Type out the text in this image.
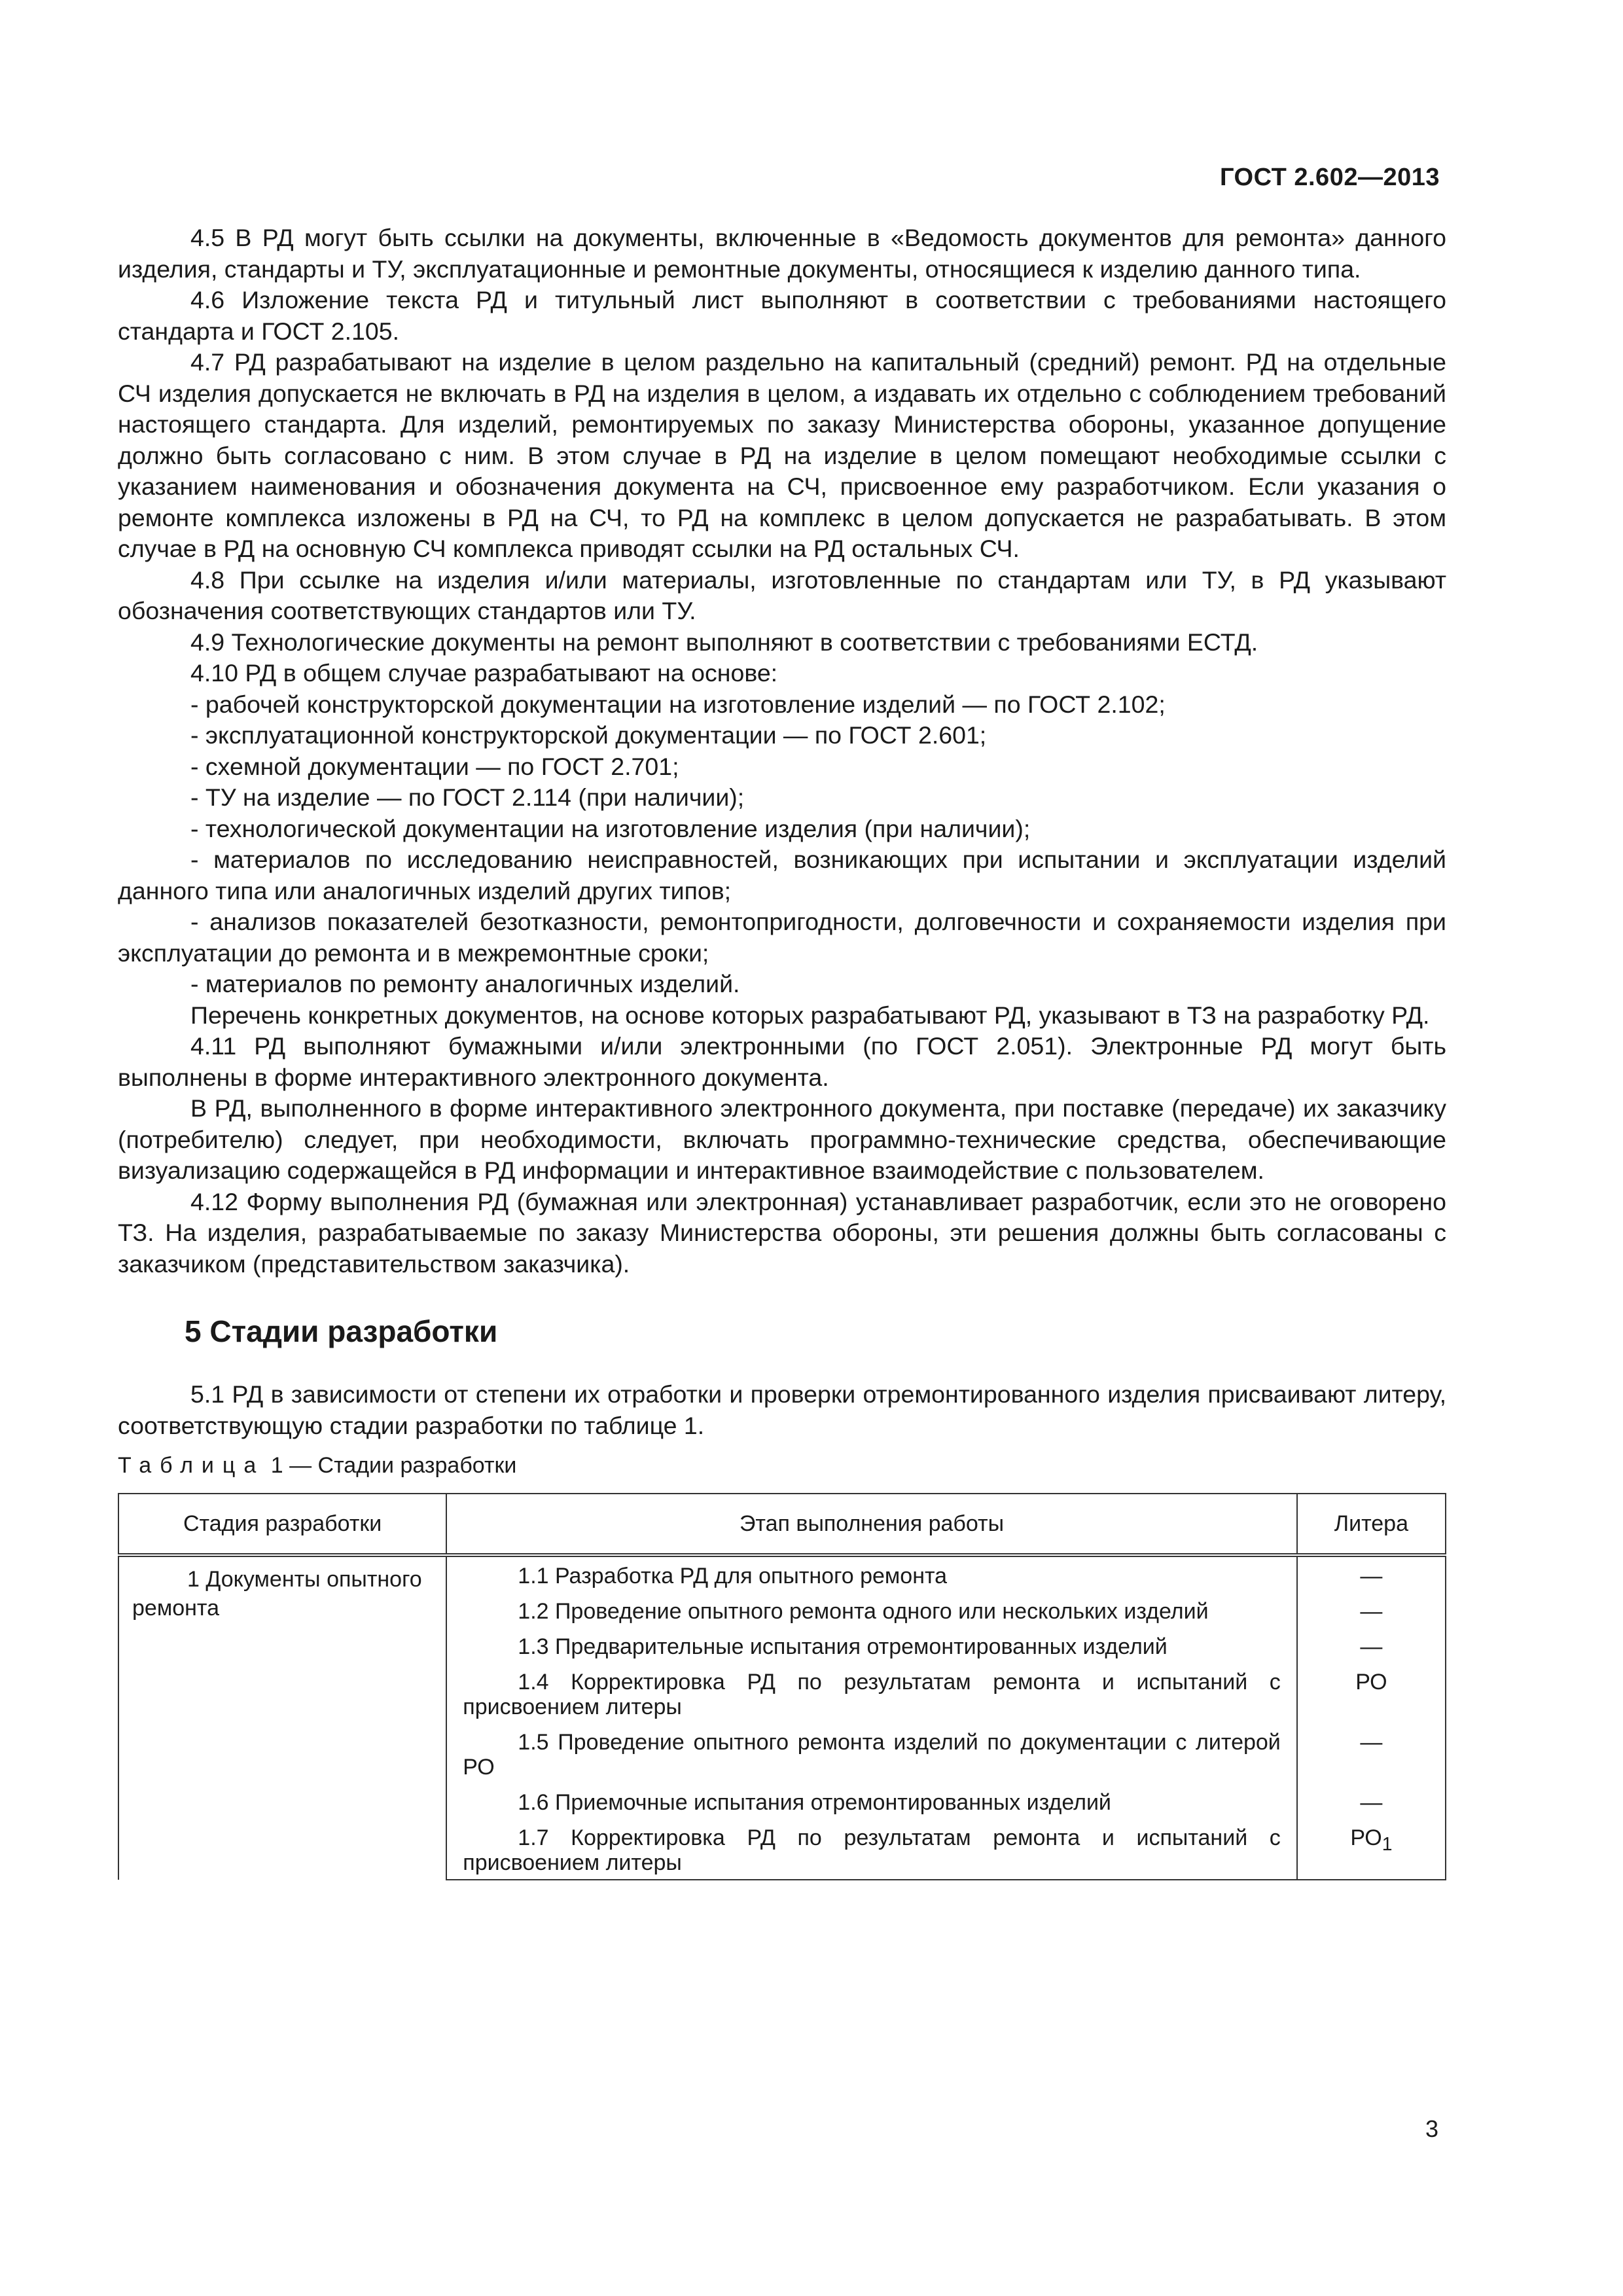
ГОСТ 2.602—2013

4.5 В РД могут быть ссылки на документы, включенные в «Ведомость документов для ремонта» данного изделия, стандарты и ТУ, эксплуатационные и ремонтные документы, относящиеся к изделию данного типа.

4.6 Изложение текста РД и титульный лист выполняют в соответствии с требованиями настоящего стандарта и ГОСТ 2.105.

4.7 РД разрабатывают на изделие в целом раздельно на капитальный (средний) ремонт. РД на отдельные СЧ изделия допускается не включать в РД на изделия в целом, а издавать их отдельно с соблюдением требований настоящего стандарта. Для изделий, ремонтируемых по заказу Министерства обороны, указанное допущение должно быть согласовано с ним. В этом случае в РД на изделие в целом помещают необходимые ссылки с указанием наименования и обозначения документа на СЧ, присвоенное ему разработчиком. Если указания о ремонте комплекса изложены в РД на СЧ, то РД на комплекс в целом допускается не разрабатывать. В этом случае в РД на основную СЧ комплекса приводят ссылки на РД остальных СЧ.

4.8 При ссылке на изделия и/или материалы, изготовленные по стандартам или ТУ, в РД указывают обозначения соответствующих стандартов или ТУ.

4.9 Технологические документы на ремонт выполняют в соответствии с требованиями ЕСТД.

4.10 РД в общем случае разрабатывают на основе:

- рабочей конструкторской документации на изготовление изделий — по ГОСТ 2.102;

- эксплуатационной конструкторской документации — по ГОСТ 2.601;

- схемной документации — по ГОСТ 2.701;

- ТУ на изделие — по ГОСТ 2.114 (при наличии);

- технологической документации на изготовление изделия (при наличии);

- материалов по исследованию неисправностей, возникающих при испытании и эксплуатации изделий данного типа или аналогичных изделий других типов;

- анализов показателей безотказности, ремонтопригодности, долговечности и сохраняемости изделия при эксплуатации до ремонта и в межремонтные сроки;

- материалов по ремонту аналогичных изделий.

Перечень конкретных документов, на основе которых разрабатывают РД, указывают в ТЗ на разработку РД.

4.11 РД выполняют бумажными и/или электронными (по ГОСТ 2.051). Электронные РД могут быть выполнены в форме интерактивного электронного документа.

В РД, выполненного в форме интерактивного электронного документа, при поставке (передаче) их заказчику (потребителю) следует, при необходимости, включать программно-технические средства, обеспечивающие визуализацию содержащейся в РД информации и интерактивное взаимодействие с пользователем.

4.12 Форму выполнения РД (бумажная или электронная) устанавливает разработчик, если это не оговорено ТЗ. На изделия, разрабатываемые по заказу Министерства обороны, эти решения должны быть согласованы с заказчиком (представительством заказчика).

5 Стадии разработки

5.1 РД в зависимости от степени их отработки и проверки отремонтированного изделия присваивают литеру, соответствующую стадии разработки по таблице 1.

Таблица 1 — Стадии разработки
Стадия разработки	Этап выполнения работы	Литера

1 Документы опытного ремонта	1.1 Разработка РД для опытного ремонта	—

	1.2 Проведение опытного ремонта одного или нескольких изделий	—

	1.3 Предварительные испытания отремонтированных изделий	—

	1.4 Корректировка РД по результатам ремонта и испытаний с присвоением литеры	РО

	1.5 Проведение опытного ремонта изделий по документации с литерой РО	—

	1.6 Приемочные испытания отремонтированных изделий	—

	1.7 Корректировка РД по результатам ремонта и испытаний с присвоением литеры	$РО_1$
3
